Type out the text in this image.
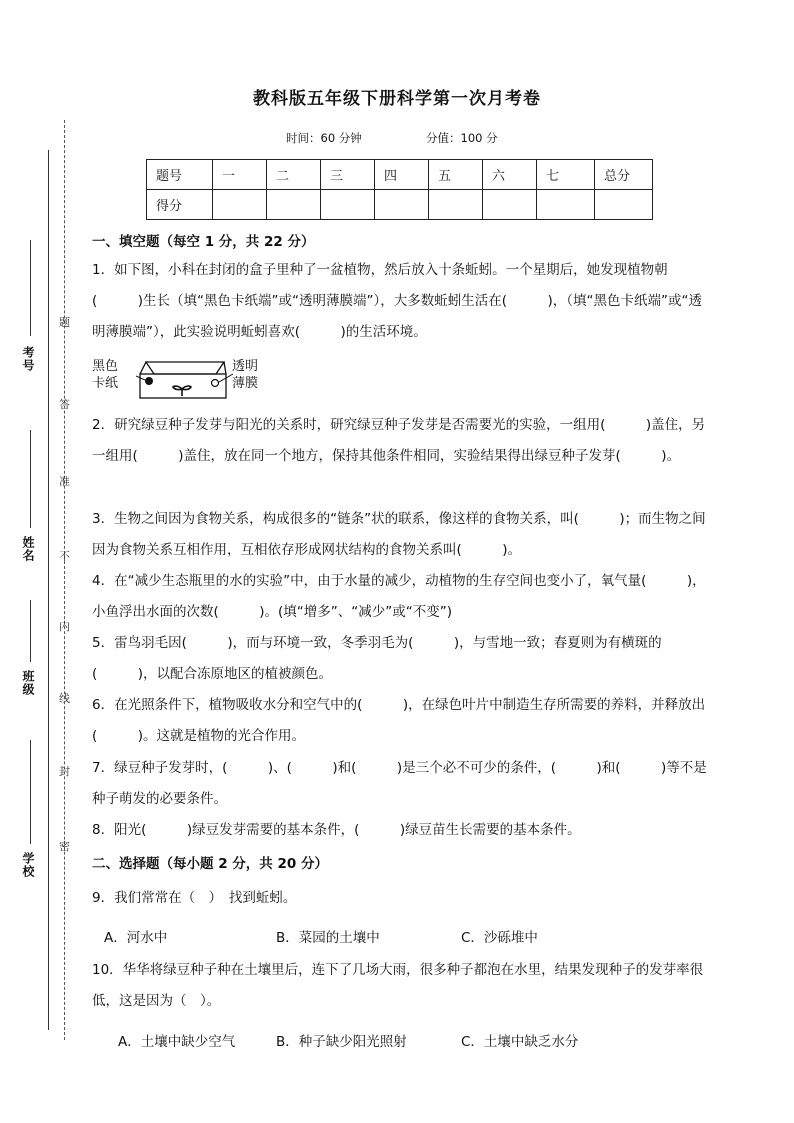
考号
姓名
班级
学校
题
答
准
不
内
线
封
密
教科版五年级下册科学第一次月考卷
时间：60 分钟	分值：100 分
题号	一	二	三	四	五	六	七	总分
得分								
一、填空题（每空 1 分，共 22 分）
1．如下图，小科在封闭的盒子里种了一盆植物，然后放入十条蚯蚓。一个星期后，她发现植物朝(　　　)生长（填“黑色卡纸端”或“透明薄膜端”），大多数蚯蚓生活在(　　　)，（填“黑色卡纸端”或“透明薄膜端”），此实验说明蚯蚓喜欢(　　　)的生活环境。
黑色
卡纸
透明
薄膜
2．研究绿豆种子发芽与阳光的关系时，研究绿豆种子发芽是否需要光的实验，一组用(　　　)盖住，另一组用(　　　)盖住，放在同一个地方，保持其他条件相同，实验结果得出绿豆种子发芽(　　　)。
3．生物之间因为食物关系，构成很多的“链条”状的联系，像这样的食物关系，叫(　　　)；而生物之间因为食物关系互相作用，互相依存形成网状结构的食物关系叫(　　　)。
4．在“减少生态瓶里的水的实验”中，由于水量的减少，动植物的生存空间也变小了，氧气量(　　　)，小鱼浮出水面的次数(　　　)。(填“增多”、“减少”或“不变”)
5．雷鸟羽毛因(　　　)，而与环境一致，冬季羽毛为(　　　)，与雪地一致；春夏则为有横斑的(　　　)，以配合冻原地区的植被颜色。
6．在光照条件下，植物吸收水分和空气中的(　　　)，在绿色叶片中制造生存所需要的养料，并释放出(　　　)。这就是植物的光合作用。
7．绿豆种子发芽时，(　　　)、(　　　)和(　　　)是三个必不可少的条件，(　　　)和(　　　)等不是种子萌发的必要条件。
8．阳光(　　　)绿豆发芽需要的基本条件，(　　　)绿豆苗生长需要的基本条件。
二、选择题（每小题 2 分，共 20 分）
9．我们常常在（　）　找到蚯蚓。
A．河水中	B．菜园的土壤中	C．沙砾堆中
10．华华将绿豆种子种在土壤里后，连下了几场大雨，很多种子都泡在水里，结果发现种子的发芽率很低，这是因为（　）。
A．土壤中缺少空气	B．种子缺少阳光照射	C．土壤中缺乏水分
